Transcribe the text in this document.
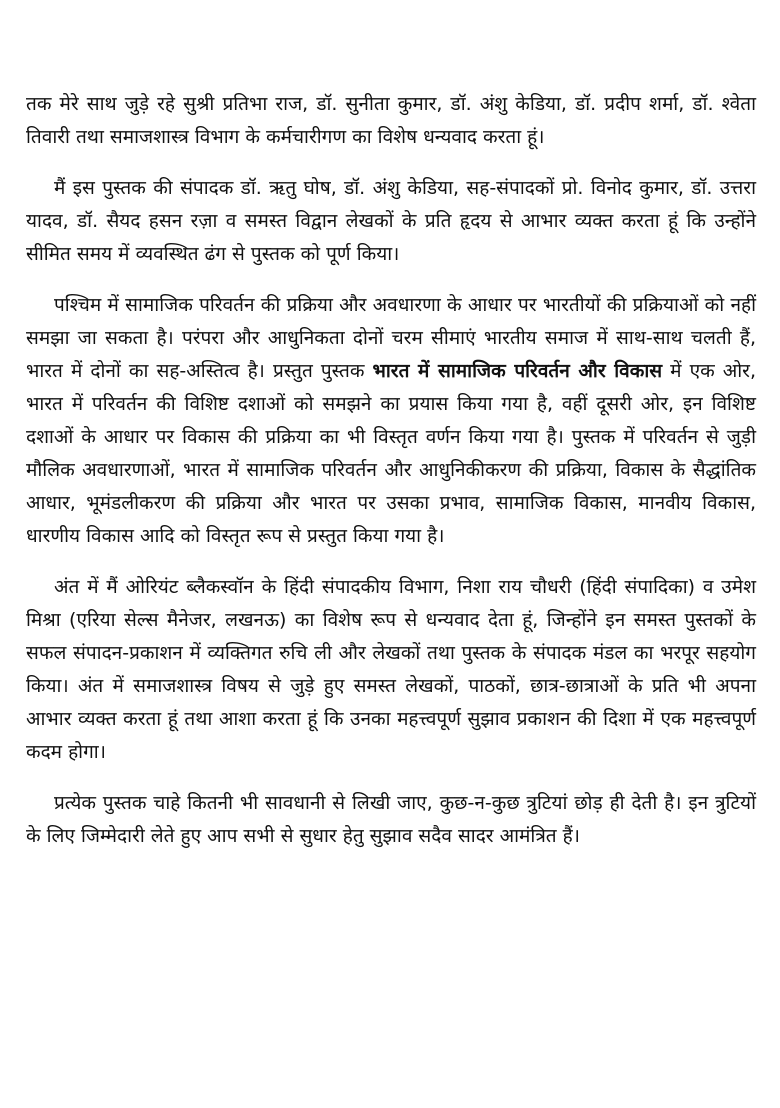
तक मेरे साथ जुड़े रहे सुश्री प्रतिभा राज, डॉ. सुनीता कुमार, डॉ. अंशु केडिया, डॉ. प्रदीप शर्मा, डॉ. श्वेता तिवारी तथा समाजशास्त्र विभाग के कर्मचारीगण का विशेष धन्यवाद करता हूं।

मैं इस पुस्तक की संपादक डॉ. ऋतु घोष, डॉ. अंशु केडिया, सह-संपादकों प्रो. विनोद कुमार, डॉ. उत्तरा यादव, डॉ. सैयद हसन रज़ा व समस्त विद्वान लेखकों के प्रति हृदय से आभार व्यक्त करता हूं कि उन्होंने सीमित समय में व्यवस्थित ढंग से पुस्तक को पूर्ण किया।

पश्चिम में सामाजिक परिवर्तन की प्रक्रिया और अवधारणा के आधार पर भारतीयों की प्रक्रियाओं को नहीं समझा जा सकता है। परंपरा और आधुनिकता दोनों चरम सीमाएं भारतीय समाज में साथ-साथ चलती हैं, भारत में दोनों का सह-अस्तित्व है। प्रस्तुत पुस्तक भारत में सामाजिक परिवर्तन और विकास में एक ओर, भारत में परिवर्तन की विशिष्ट दशाओं को समझने का प्रयास किया गया है, वहीं दूसरी ओर, इन विशिष्ट दशाओं के आधार पर विकास की प्रक्रिया का भी विस्तृत वर्णन किया गया है। पुस्तक में परिवर्तन से जुड़ी मौलिक अवधारणाओं, भारत में सामाजिक परिवर्तन और आधुनिकीकरण की प्रक्रिया, विकास के सैद्धांतिक आधार, भूमंडलीकरण की प्रक्रिया और भारत पर उसका प्रभाव, सामाजिक विकास, मानवीय विकास, धारणीय विकास आदि को विस्तृत रूप से प्रस्तुत किया गया है।

अंत में मैं ओरियंट ब्लैकस्वॉन के हिंदी संपादकीय विभाग, निशा राय चौधरी (हिंदी संपादिका) व उमेश मिश्रा (एरिया सेल्स मैनेजर, लखनऊ) का विशेष रूप से धन्यवाद देता हूं, जिन्होंने इन समस्त पुस्तकों के सफल संपादन-प्रकाशन में व्यक्तिगत रुचि ली और लेखकों तथा पुस्तक के संपादक मंडल का भरपूर सहयोग किया। अंत में समाजशास्त्र विषय से जुड़े हुए समस्त लेखकों, पाठकों, छात्र-छात्राओं के प्रति भी अपना आभार व्यक्त करता हूं तथा आशा करता हूं कि उनका महत्त्वपूर्ण सुझाव प्रकाशन की दिशा में एक महत्त्वपूर्ण कदम होगा।

प्रत्येक पुस्तक चाहे कितनी भी सावधानी से लिखी जाए, कुछ-न-कुछ त्रुटियां छोड़ ही देती है। इन त्रुटियों के लिए जिम्मेदारी लेते हुए आप सभी से सुधार हेतु सुझाव सदैव सादर आमंत्रित हैं।
